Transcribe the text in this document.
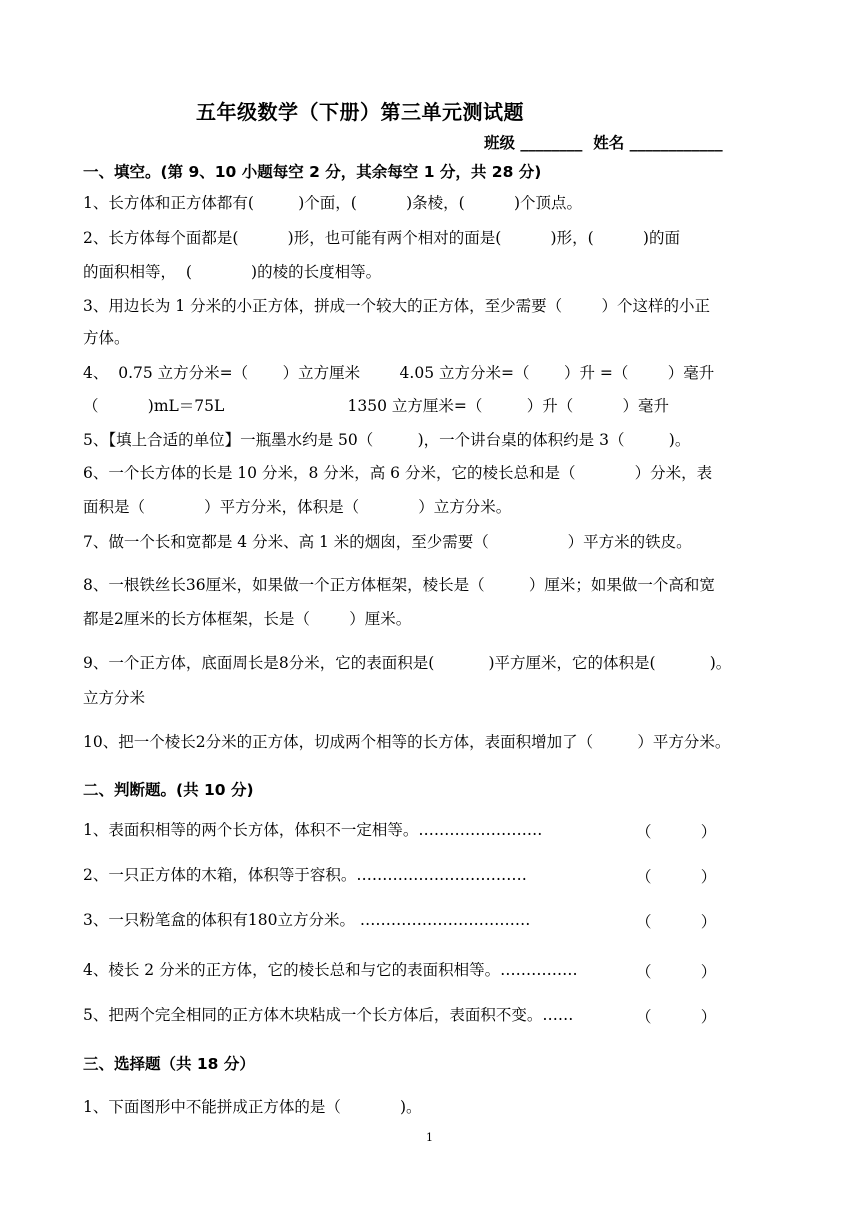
五年级数学（下册）第三单元测试题
班级 ________  姓名 ____________
一、填空。(第 9、10 小题每空 2 分，其余每空 1 分，共 28 分)
1、长方体和正方体都有(         )个面，(          )条棱，(          )个顶点。
2、长方体每个面都是(          )形，也可能有两个相对的面是(          )形，(          )的面
的面积相等，  (            )的棱的长度相等。
3、用边长为 1 分米的小正方体，拼成一个较大的正方体，至少需要（        ）个这样的小正
方体。
4、  0.75 立方分米=（       ）立方厘米        4.05 立方分米=（       ）升 =（        ）毫升
（          )mL＝75L                         1350 立方厘米=（         ）升（          ）毫升
5、【填上合适的单位】一瓶墨水约是 50（         )，一个讲台桌的体积约是 3（         )。
6、一个长方体的长是 10 分米，8 分米，高 6 分米，它的棱长总和是（            ）分米，表
面积是（            ）平方分米，体积是（            ）立方分米。
7、做一个长和宽都是 4 分米、高 1 米的烟囱，至少需要（                ）平方米的铁皮。
8、一根铁丝长36厘米，如果做一个正方体框架，棱长是（         ）厘米；如果做一个高和宽
都是2厘米的长方体框架，长是（        ）厘米。
9、一个正方体，底面周长是8分米，它的表面积是(           )平方厘米，它的体积是(           )。
立方分米
10、把一个棱长2分米的正方体，切成两个相等的长方体，表面积增加了（         ）平方分米。
二、判断题。(共 10 分)
1、表面积相等的两个长方体，体积不一定相等。……………………	（          ）
2、一只正方体的木箱，体积等于容积。……………………………	（          ）
3、一只粉笔盒的体积有180立方分米。 ……………………………	（          ）
4、棱长 2 分米的正方体，它的棱长总和与它的表面积相等。……………	（          ）
5、把两个完全相同的正方体木块粘成一个长方体后，表面积不变。……	（          ）
三、选择题（共 18 分）
1、下面图形中不能拼成正方体的是（            )。
1
